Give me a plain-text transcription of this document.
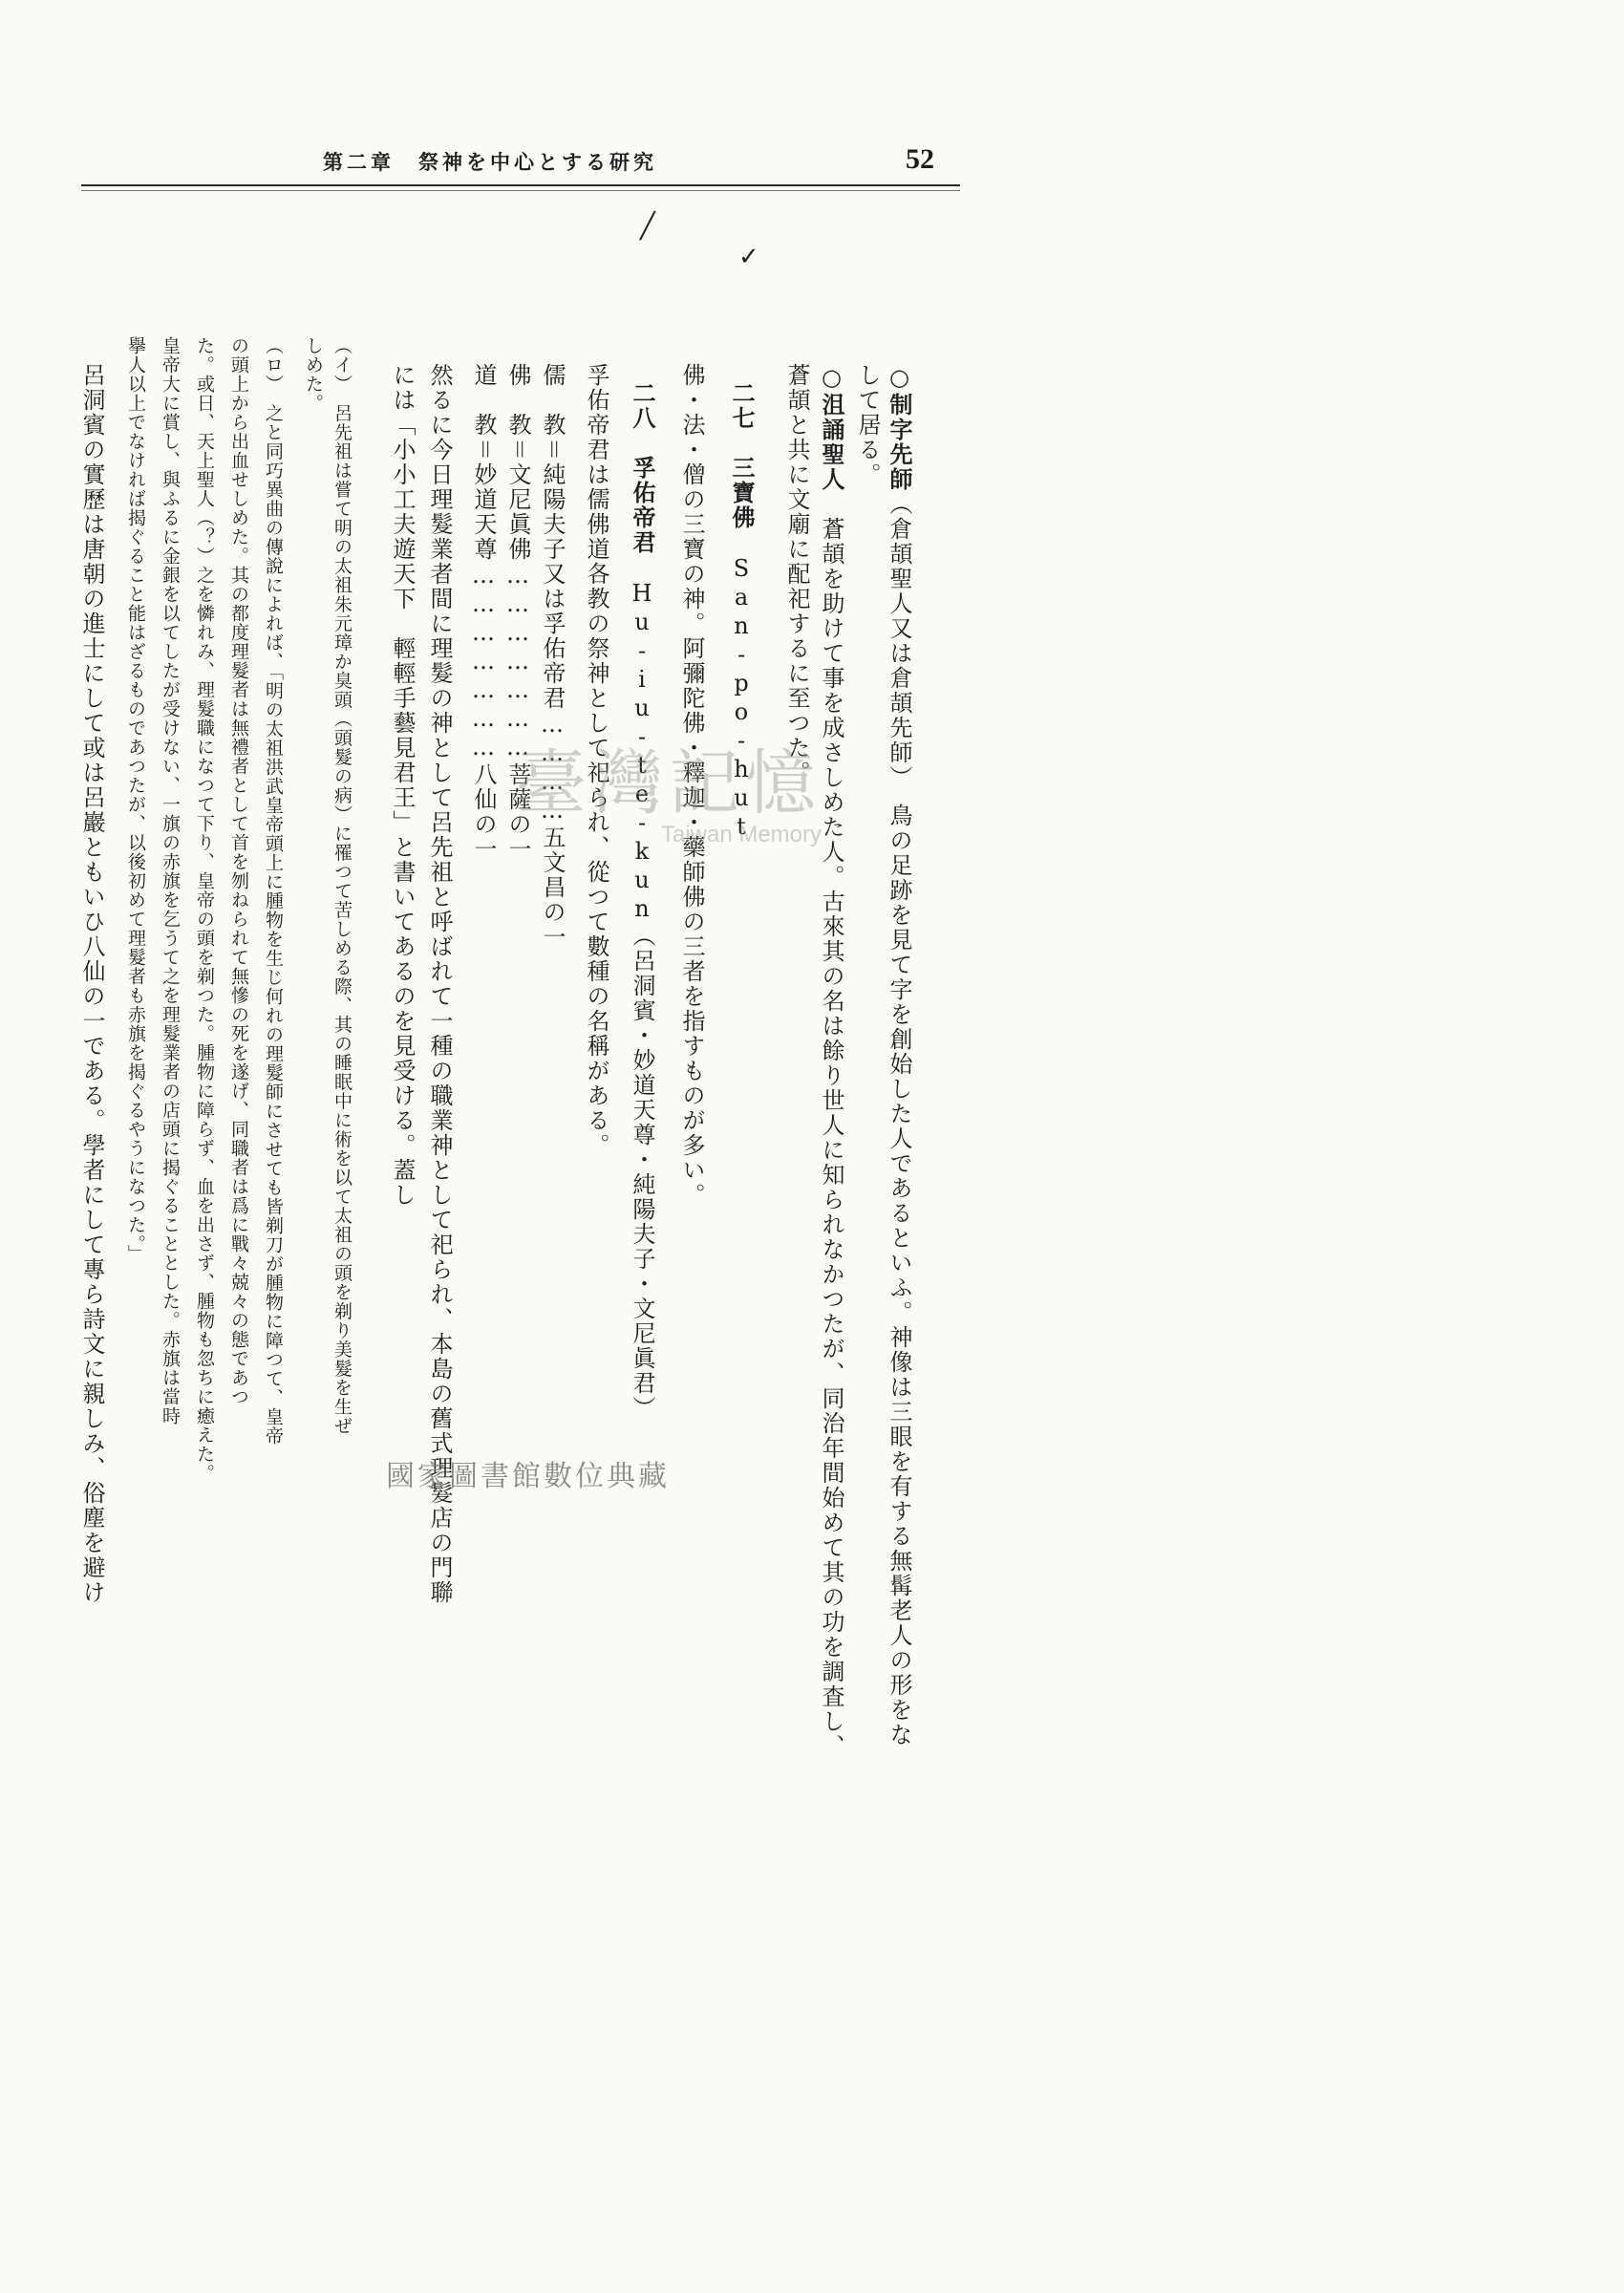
52
第二章　祭神を中心とする研究

○制字先師（倉頡聖人又は倉頡先師）　鳥の足跡を見て字を創始した人であるといふ。神像は三眼を有する無髯老人の形をな

して居る。

○沮誦聖人　蒼頡を助けて事を成さしめた人。古來其の名は餘り世人に知られなかつたが、同治年間始めて其の功を調査し、

蒼頡と共に文廟に配祀するに至つた。

✓

二七　三寶佛　San-po-hut

佛・法・僧の三寶の神。阿彌陀佛・釋迦・藥師佛の三者を指すものが多い。

╱

二八　孚佑帝君　Hu-iu-te-kun（呂洞賓・妙道天尊・純陽夫子・文尼眞君）

孚佑帝君は儒佛道各教の祭神として祀られ、從つて數種の名稱がある。

儒　教＝純陽夫子又は孚佑帝君…………五文昌の一

佛　教＝文尼眞佛…………………菩薩の一

道　教＝妙道天尊…………………八仙の一

然るに今日理髮業者間に理髮の神として呂先祖と呼ばれて一種の職業神として祀られ、本島の舊式理髮店の門聯

には「小小工夫遊天下　輕輕手藝見君王」と書いてあるのを見受ける。蓋し

（イ）　呂先祖は嘗て明の太祖朱元璋か臭頭（頭髮の病）に罹つて苦しめる際、其の睡眠中に術を以て太祖の頭を剃り美髮を生ぜ

しめた。

（ロ）　之と同巧異曲の傳說によれば、「明の太祖洪武皇帝頭上に腫物を生じ何れの理髮師にさせても皆剃刀が腫物に障つて、皇帝

の頭上から出血せしめた。其の都度理髮者は無禮者として首を刎ねられて無慘の死を遂げ、同職者は爲に戰々兢々の態であつ

た。或日、天上聖人（？）之を憐れみ、理髮職になつて下り、皇帝の頭を剃つた。腫物に障らず、血を出さず、腫物も忽ちに癒えた。

皇帝大に賞し、與ふるに金銀を以てしたが受けない、一旗の赤旗を乞うて之を理髮業者の店頭に揭ぐることとした。赤旗は當時

擧人以上でなければ揭ぐること能はざるものであつたが、以後初めて理髮者も赤旗を揭ぐるやうになつた。」

呂洞賓の實歷は唐朝の進士にして或は呂巖ともいひ八仙の一である。學者にして專ら詩文に親しみ、俗塵を避け
	臺灣記憶
Taiwan Memory
國家圖書館數位典藏
